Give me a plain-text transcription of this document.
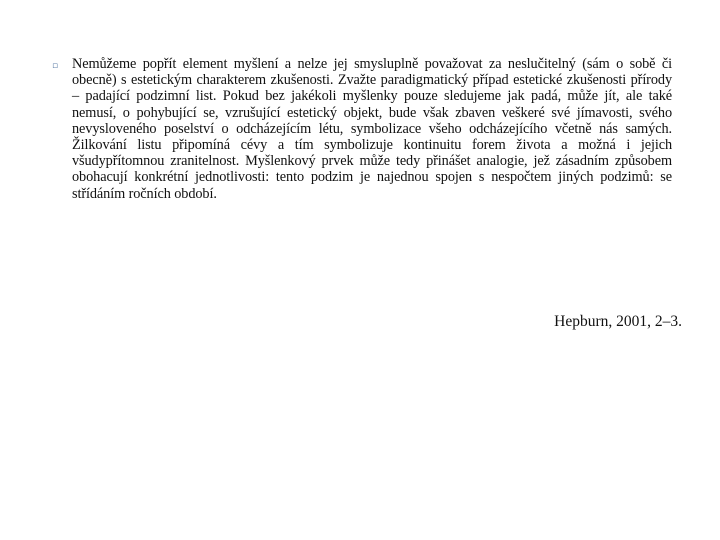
▫ Nemůžeme popřít element myšlení a nelze jej smysluplně považovat za neslučitelný (sám o sobě či obecně) s estetickým charakterem zkušenosti. Zvažte paradigmatický případ estetické zkušenosti přírody – padající podzimní list. Pokud bez jakékoli myšlenky pouze sledujeme jak padá, může jít, ale také nemusí, o pohybující se, vzrušující estetický objekt, bude však zbaven veškeré své jímavosti, svého nevysloveného poselství o odcházejícím létu, symbolizace všeho odcházejícího včetně nás samých. Žilkování listu připomíná cévy a tím symbolizuje kontinuitu forem života a možná i jejich všudypřítomnou zranitelnost. Myšlenkový prvek může tedy přinášet analogie, jež zásadním způsobem obohacují konkrétní jednotlivosti: tento podzim je najednou spojen s nespočtem jiných podzimů: se střídáním ročních období.

Hepburn, 2001, 2–3.
